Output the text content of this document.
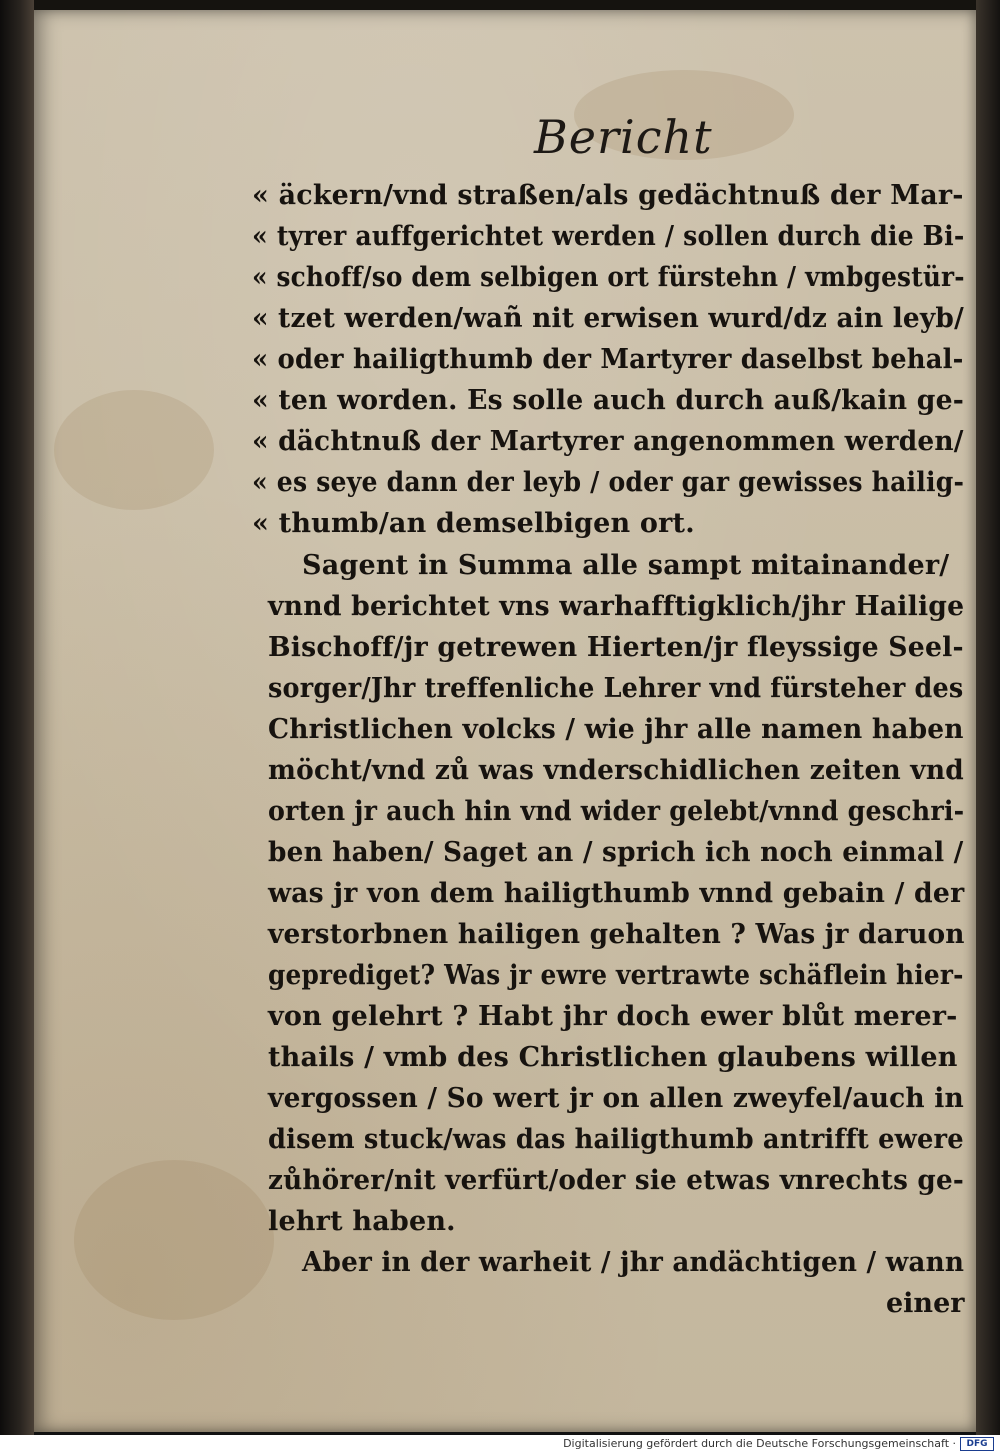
Bericht
« äckern/vnd straßen/als gedächtnuß der Mar‑
« tyrer auffgerichtet werden / sollen durch die Bi‑
« schoff/so dem selbigen ort fürstehn / vmbgestür‑
« tzet werden/wañ nit erwisen wurd/dz ain leyb/
« oder hailigthumb der Martyrer daselbst behal‑
« ten worden. Es solle auch durch auß/kain ge‑
« dächtnuß der Martyrer angenommen werden/
« es seye dann der leyb / oder gar gewisses hailig‑
« thumb/an demselbigen ort.
Sagent in Summa alle sampt mitainander/
vnnd berichtet vns warhafftigklich/jhr Hailige
Bischoff/jr getrewen Hierten/jr fleyssige Seel‑
sorger/Jhr treffenliche Lehrer vnd fürsteher des
Christlichen volcks / wie jhr alle namen haben
möcht/vnd zů was vnderschidlichen zeiten vnd
orten jr auch hin vnd wider gelebt/vnnd geschri‑
ben haben/ Saget an / sprich ich noch einmal /
was jr von dem hailigthumb vnnd gebain / der
verstorbnen hailigen gehalten ? Was jr daruon
geprediget? Was jr ewre vertrawte schäflein hier‑
von gelehrt ? Habt jhr doch ewer blůt merer‑
thails / vmb des Christlichen glaubens willen
vergossen / So wert jr on allen zweyfel/auch in
disem stuck/was das hailigthumb antrifft ewere
zůhörer/nit verfürt/oder sie etwas vnrechts ge‑
lehrt haben.
Aber in der warheit / jhr andächtigen / wann
einer
Digitalisierung gefördert durch die Deutsche Forschungsgemeinschaft ·	DFG
